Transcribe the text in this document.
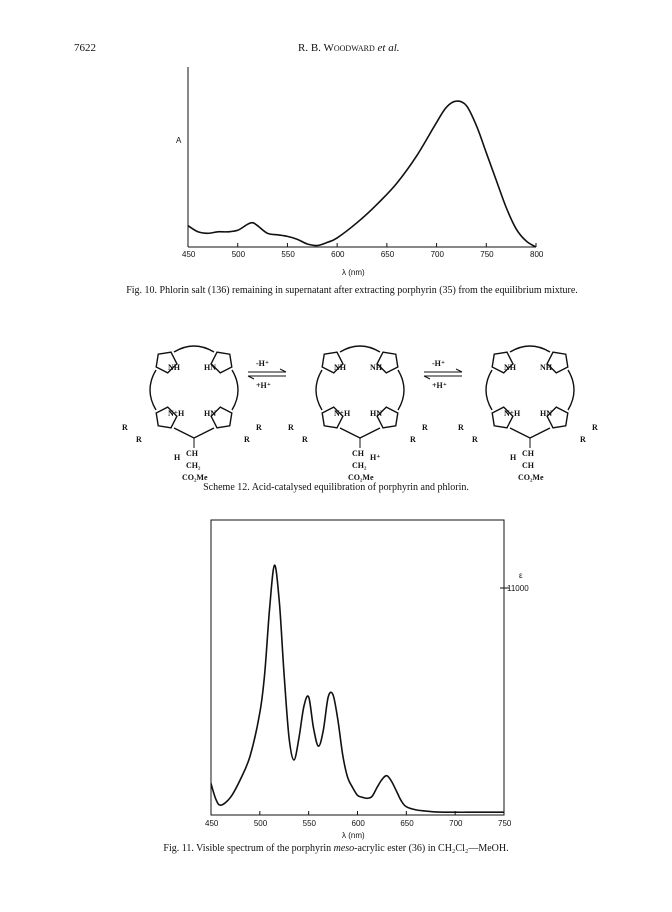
7622	R. B. Woodward et al.
A
450	500	550	600	650	700	750	800
λ (nm)
Fig. 10. Phlorin salt (136) remaining in supernatant after extracting porphyrin (35) from the equilibrium mixture.
NH	HN
N⁺H HN
R
R
R
R
CH
CH₂
CO₂Me
H
NH	NH
N⁺H HN
R
R
R
R
CH
CH₂
CO₂Me
H⁺
NH	NH
N⁺H HN
R
R
R
R
CH
CH
CO₂Me
H
-H⁺
+H⁺
-H⁺
+H⁺
Scheme 12. Acid-catalysed equilibration of porphyrin and phlorin.
450	500	550	600	650	700	750
λ (nm)
ε
11000
Fig. 11. Visible spectrum of the porphyrin meso-acrylic ester (36) in CH₂Cl₂—MeOH.
